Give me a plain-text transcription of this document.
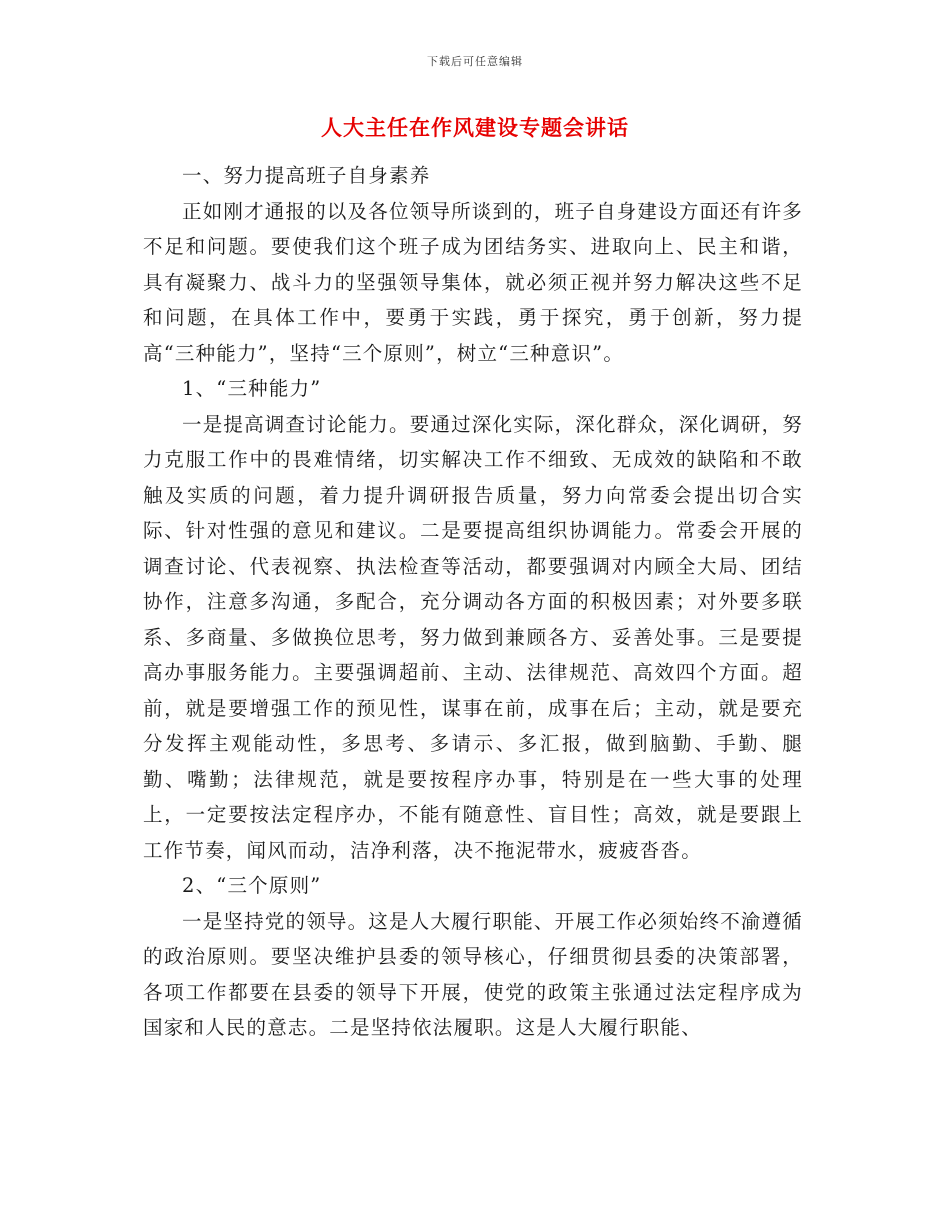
下载后可任意编辑
人大主任在作风建设专题会讲话

一、努力提高班子自身素养

正如刚才通报的以及各位领导所谈到的，班子自身建设方面还有许多不足和问题。要使我们这个班子成为团结务实、进取向上、民主和谐，具有凝聚力、战斗力的坚强领导集体，就必须正视并努力解决这些不足和问题，在具体工作中，要勇于实践，勇于探究，勇于创新，努力提高“三种能力”，坚持“三个原则”，树立“三种意识”。

1、“三种能力”

一是提高调查讨论能力。要通过深化实际，深化群众，深化调研，努力克服工作中的畏难情绪，切实解决工作不细致、无成效的缺陷和不敢触及实质的问题，着力提升调研报告质量，努力向常委会提出切合实际、针对性强的意见和建议。二是要提高组织协调能力。常委会开展的调查讨论、代表视察、执法检查等活动，都要强调对内顾全大局、团结协作，注意多沟通，多配合，充分调动各方面的积极因素；对外要多联系、多商量、多做换位思考，努力做到兼顾各方、妥善处事。三是要提高办事服务能力。主要强调超前、主动、法律规范、高效四个方面。超前，就是要增强工作的预见性，谋事在前，成事在后；主动，就是要充分发挥主观能动性，多思考、多请示、多汇报，做到脑勤、手勤、腿勤、嘴勤；法律规范，就是要按程序办事，特别是在一些大事的处理上，一定要按法定程序办，不能有随意性、盲目性；高效，就是要跟上工作节奏，闻风而动，洁净利落，决不拖泥带水，疲疲沓沓。

2、“三个原则”

一是坚持党的领导。这是人大履行职能、开展工作必须始终不渝遵循的政治原则。要坚决维护县委的领导核心，仔细贯彻县委的决策部署，各项工作都要在县委的领导下开展，使党的政策主张通过法定程序成为国家和人民的意志。二是坚持依法履职。这是人大履行职能、
